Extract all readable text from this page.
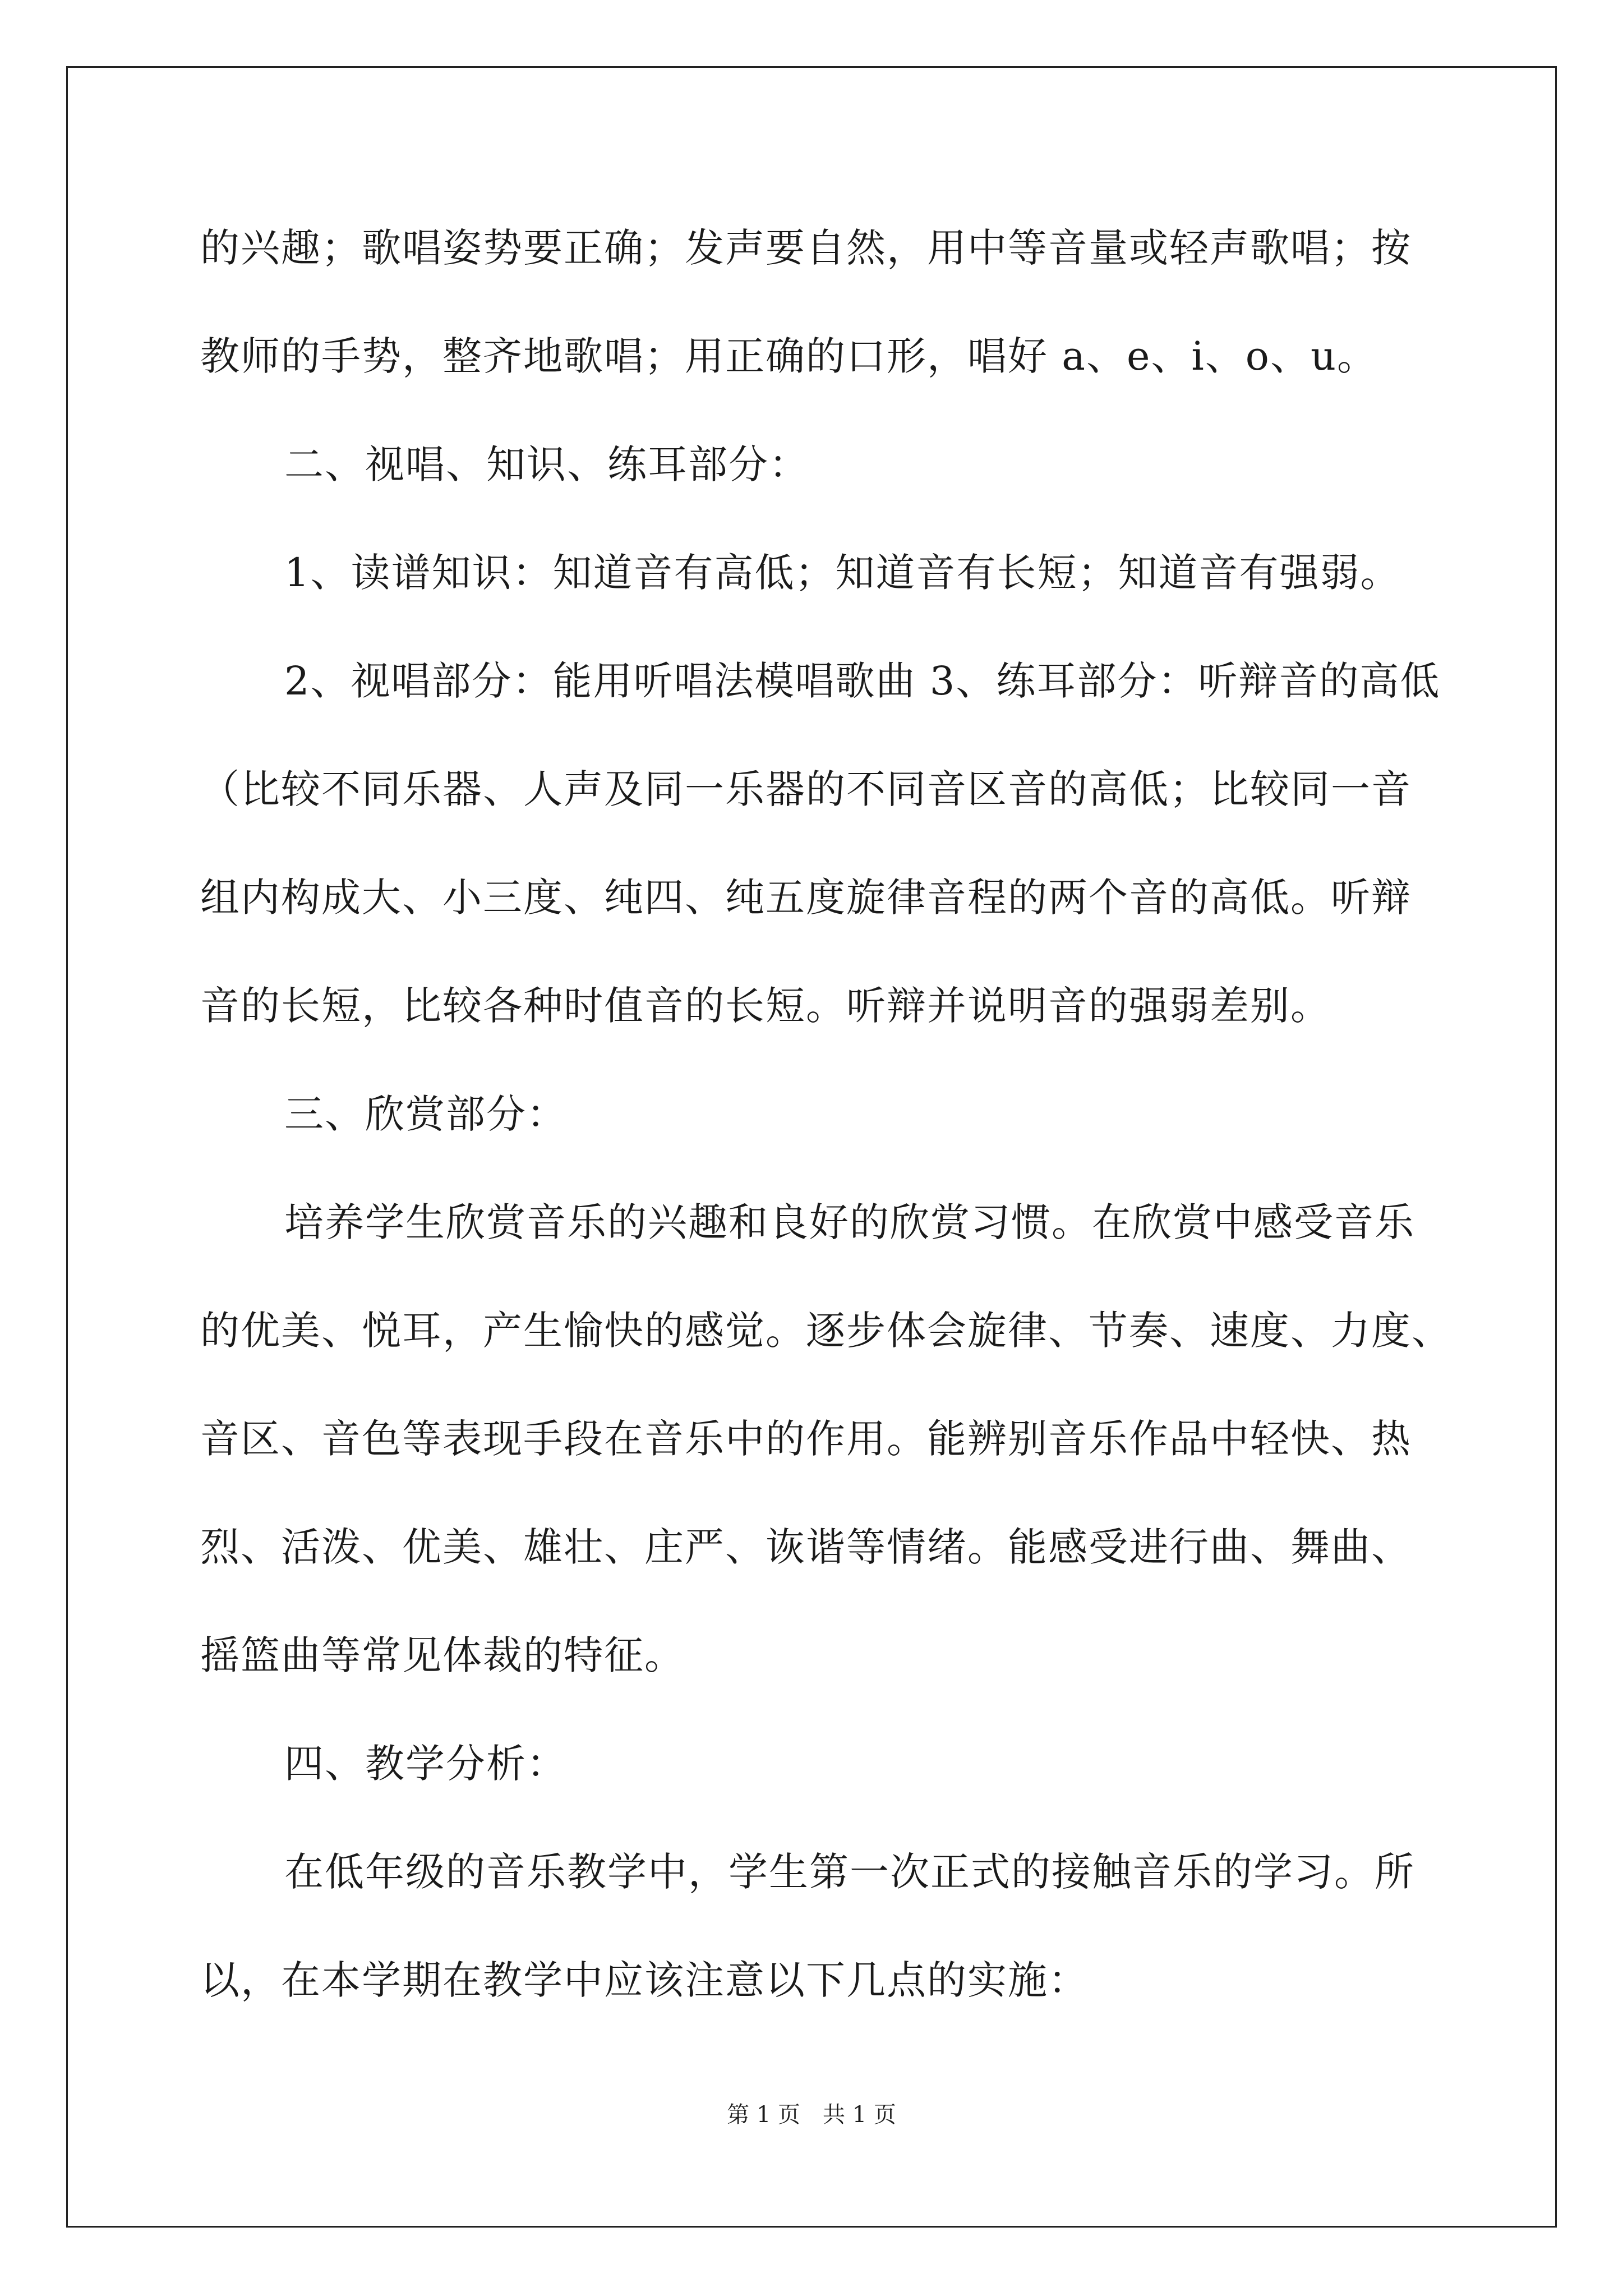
的兴趣；歌唱姿势要正确；发声要自然，用中等音量或轻声歌唱；按
教师的手势，整齐地歌唱；用正确的口形，唱好 a、e、i、o、u。
二、视唱、知识、练耳部分：
1、读谱知识：知道音有高低；知道音有长短；知道音有强弱。
2、视唱部分：能用听唱法模唱歌曲 3、练耳部分：听辩音的高低
（比较不同乐器、人声及同一乐器的不同音区音的高低；比较同一音
组内构成大、小三度、纯四、纯五度旋律音程的两个音的高低。听辩
音的长短，比较各种时值音的长短。听辩并说明音的强弱差别。
三、欣赏部分：
培养学生欣赏音乐的兴趣和良好的欣赏习惯。在欣赏中感受音乐
的优美、悦耳，产生愉快的感觉。逐步体会旋律、节奏、速度、力度、
音区、音色等表现手段在音乐中的作用。能辨别音乐作品中轻快、热
烈、活泼、优美、雄壮、庄严、诙谐等情绪。能感受进行曲、舞曲、
摇篮曲等常见体裁的特征。
四、教学分析：
在低年级的音乐教学中，学生第一次正式的接触音乐的学习。所
以，在本学期在教学中应该注意以下几点的实施：
第 1 页　共 1 页
